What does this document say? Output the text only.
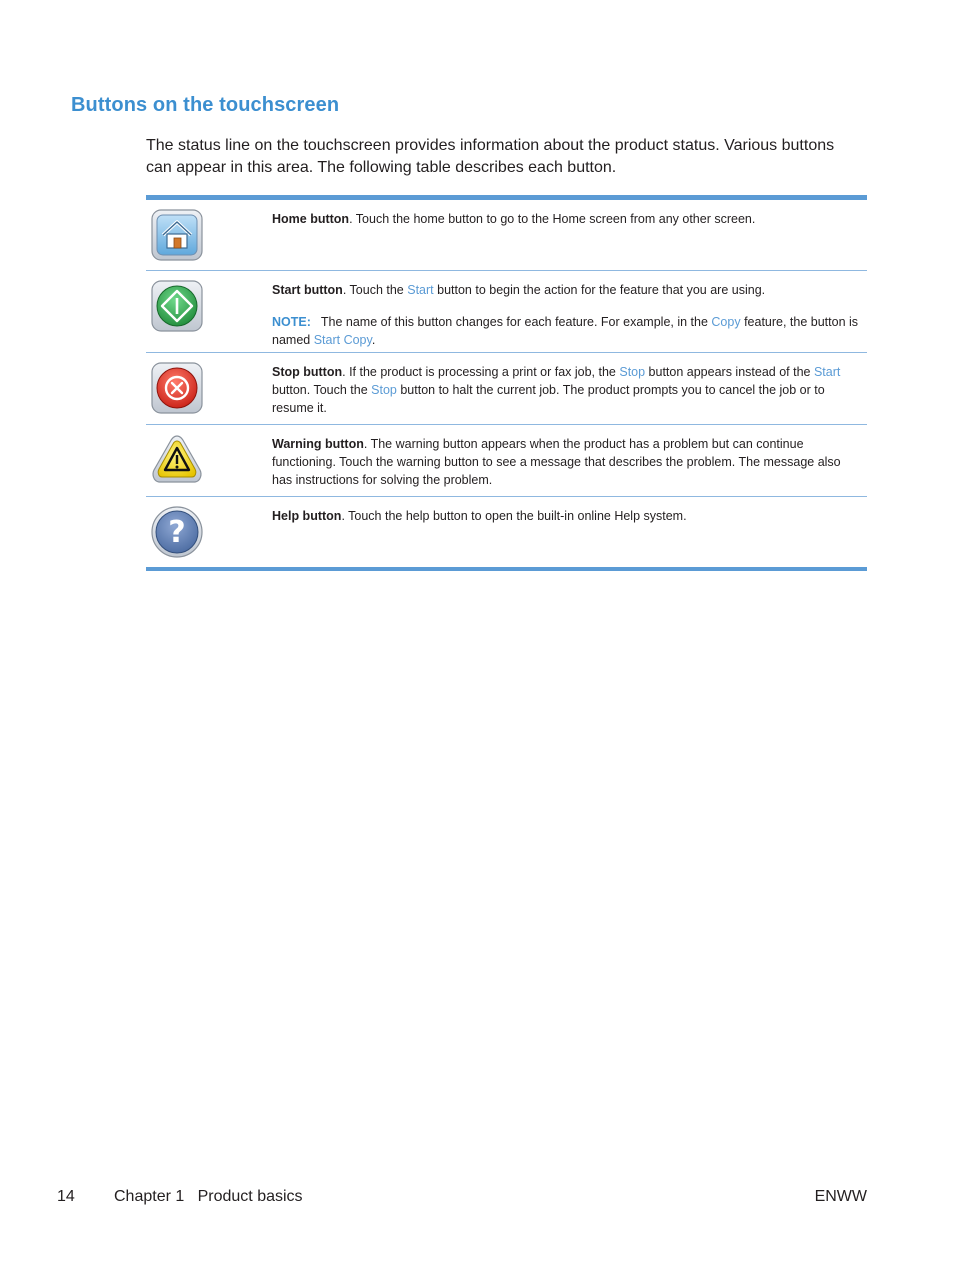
Buttons on the touchscreen

The status line on the touchscreen provides information about the product status. Various buttons can appear in this area. The following table describes each button.

Home button. Touch the home button to go to the Home screen from any other screen.

Start button. Touch the Start button to begin the action for the feature that you are using.

NOTE: The name of this button changes for each feature. For example, in the Copy feature, the button is named Start Copy.

Stop button. If the product is processing a print or fax job, the Stop button appears instead of the Start button. Touch the Stop button to halt the current job. The product prompts you to cancel the job or to resume it.

Warning button. The warning button appears when the product has a problem but can continue functioning. Touch the warning button to see a message that describes the problem. The message also has instructions for solving the problem.

?	Help button. Touch the help button to open the built-in online Help system.

14 Chapter 1   Product basics	ENWW
